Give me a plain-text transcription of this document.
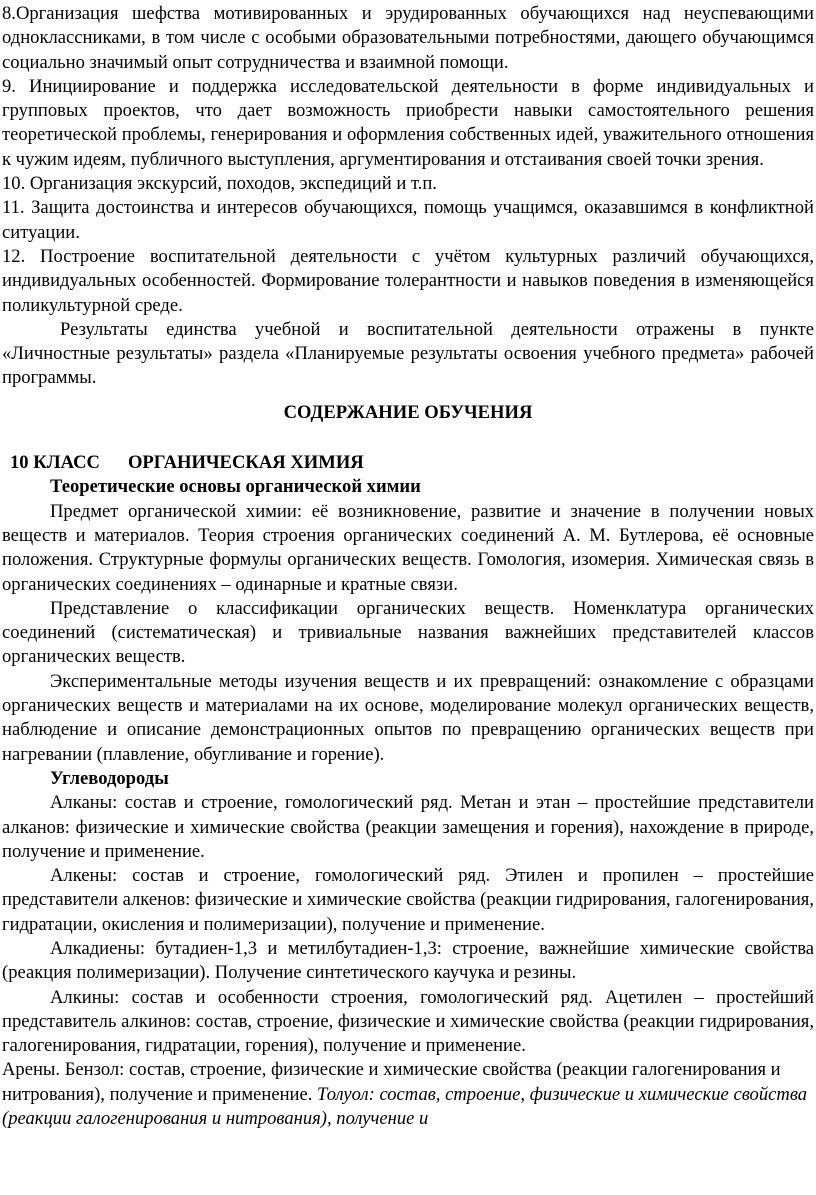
8.Организация шефства мотивированных и эрудированных обучающихся над неуспевающими одноклассниками, в том числе с особыми образовательными потребностями, дающего обучающимся социально значимый опыт сотрудничества и взаимной помощи.

9. Инициирование и поддержка исследовательской деятельности в форме индивидуальных и групповых проектов, что дает возможность приобрести навыки самостоятельного решения теоретической проблемы, генерирования и оформления собственных идей, уважительного отношения к чужим идеям, публичного выступления, аргументирования и отстаивания своей точки зрения.

10. Организация экскурсий, походов, экспедиций и т.п.

11. Защита достоинства и интересов обучающихся, помощь учащимся, оказавшимся в конфликтной ситуации.

12. Построение воспитательной деятельности с учётом культурных различий обучающихся, индивидуальных особенностей. Формирование толерантности и навыков поведения в изменяющейся поликультурной среде.

Результаты единства учебной и воспитательной деятельности отражены в пункте «Личностные результаты» раздела «Планируемые результаты освоения учебного предмета» рабочей программы.

СОДЕРЖАНИЕ ОБУЧЕНИЯ

10 КЛАСС ОРГАНИЧЕСКАЯ ХИМИЯ

Теоретические основы органической химии

Предмет органической химии: её возникновение, развитие и значение в получении новых веществ и материалов. Теория строения органических соединений А. М. Бутлерова, её основные положения. Структурные формулы органических веществ. Гомология, изомерия. Химическая связь в органических соединениях – одинарные и кратные связи.

Представление о классификации органических веществ. Номенклатура органических соединений (систематическая) и тривиальные названия важнейших представителей классов органических веществ.

Экспериментальные методы изучения веществ и их превращений: ознакомление с образцами органических веществ и материалами на их основе, моделирование молекул органических веществ, наблюдение и описание демонстрационных опытов по превращению органических веществ при нагревании (плавление, обугливание и горение).

Углеводороды

Алканы: состав и строение, гомологический ряд. Метан и этан – простейшие представители алканов: физические и химические свойства (реакции замещения и горения), нахождение в природе, получение и применение.

Алкены: состав и строение, гомологический ряд. Этилен и пропилен – простейшие представители алкенов: физические и химические свойства (реакции гидрирования, галогенирования, гидратации, окисления и полимеризации), получение и применение.

Алкадиены: бутадиен-1,3 и метилбутадиен-1,3: строение, важнейшие химические свойства (реакция полимеризации). Получение синтетического каучука и резины.

Алкины: состав и особенности строения, гомологический ряд. Ацетилен – простейший представитель алкинов: состав, строение, физические и химические свойства (реакции гидрирования, галогенирования, гидратации, горения), получение и применение.

Арены. Бензол: состав, строение, физические и химические свойства (реакции галогенирования и нитрования), получение и применение. Толуол: состав, строение, физические и химические свойства (реакции галогенирования и нитрования), получение и
